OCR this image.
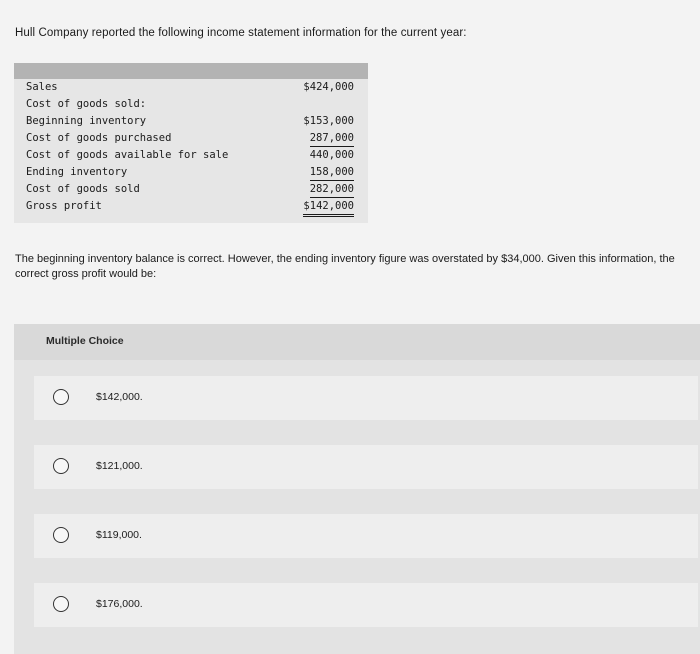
Hull Company reported the following income statement information for the current year:
Sales	$424,000
Cost of goods sold:
Beginning inventory	$153,000
Cost of goods purchased	287,000
Cost of goods available for sale	440,000
Ending inventory	158,000
Cost of goods sold	282,000
Gross profit	$142,000
The beginning inventory balance is correct. However, the ending inventory figure was overstated by $34,000. Given this information, the correct gross profit would be:
Multiple Choice
$142,000.
$121,000.
$119,000.
$176,000.
